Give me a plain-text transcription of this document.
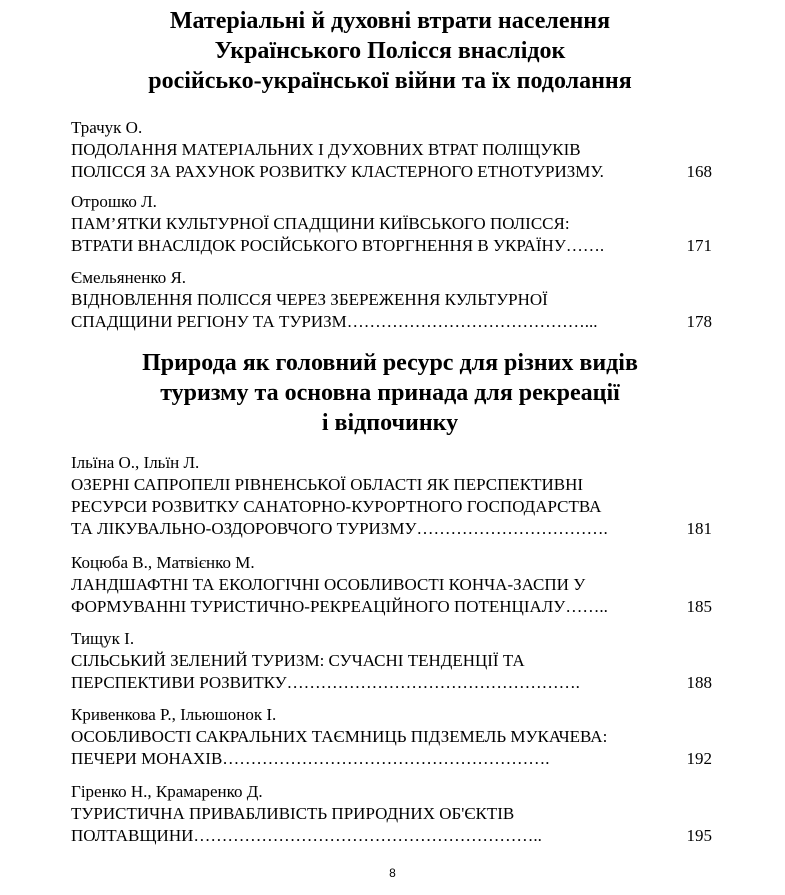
Матеріальні й духовні втрати населення
Українського Полісся внаслідок
російсько-української війни та їх подолання
Трачук О.
ПОДОЛАННЯ МАТЕРІАЛЬНИХ І ДУХОВНИХ ВТРАТ ПОЛІЩУКІВ
ПОЛІССЯ ЗА РАХУНОК РОЗВИТКУ КЛАСТЕРНОГО ЕТНОТУРИЗМУ.	168
Отрошко Л.
ПАМ’ЯТКИ КУЛЬТУРНОЇ СПАДЩИНИ КИЇВСЬКОГО ПОЛІССЯ:
ВТРАТИ ВНАСЛІДОК РОСІЙСЬКОГО ВТОРГНЕННЯ В УКРАЇНУ…….	171
Ємельяненко Я.
ВІДНОВЛЕННЯ ПОЛІССЯ ЧЕРЕЗ ЗБЕРЕЖЕННЯ КУЛЬТУРНОЇ
СПАДЩИНИ РЕГІОНУ ТА ТУРИЗМ……………………………………...	178
Природа як головний ресурс для різних видів
туризму та основна принада для рекреації
і відпочинку
Ільїна О., Ільїн Л.
ОЗЕРНІ САПРОПЕЛІ РІВНЕНСЬКОЇ ОБЛАСТІ ЯК ПЕРСПЕКТИВНІ
РЕСУРСИ РОЗВИТКУ САНАТОРНО-КУРОРТНОГО ГОСПОДАРСТВА
ТА ЛІКУВАЛЬНО-ОЗДОРОВЧОГО ТУРИЗМУ…………………………….	181
Коцюба В., Матвієнко М.
ЛАНДШАФТНІ ТА ЕКОЛОГІЧНІ ОСОБЛИВОСТІ КОНЧА-ЗАСПИ У
ФОРМУВАННІ ТУРИСТИЧНО-РЕКРЕАЦІЙНОГО ПОТЕНЦІАЛУ……..	185
Тищук І.
СІЛЬСЬКИЙ ЗЕЛЕНИЙ ТУРИЗМ: СУЧАСНІ ТЕНДЕНЦІЇ ТА
ПЕРСПЕКТИВИ РОЗВИТКУ…………………………………………….	188
Кривенкова Р., Ільюшонок І.
ОСОБЛИВОСТІ САКРАЛЬНИХ ТАЄМНИЦЬ ПІДЗЕМЕЛЬ МУКАЧЕВА:
ПЕЧЕРИ МОНАХІВ………………………………………………….	192
Гіренко Н., Крамаренко Д.
ТУРИСТИЧНА ПРИВАБЛИВІСТЬ ПРИРОДНИХ ОБ'ЄКТІВ
ПОЛТАВЩИНИ……………………………………………………..	195
8
